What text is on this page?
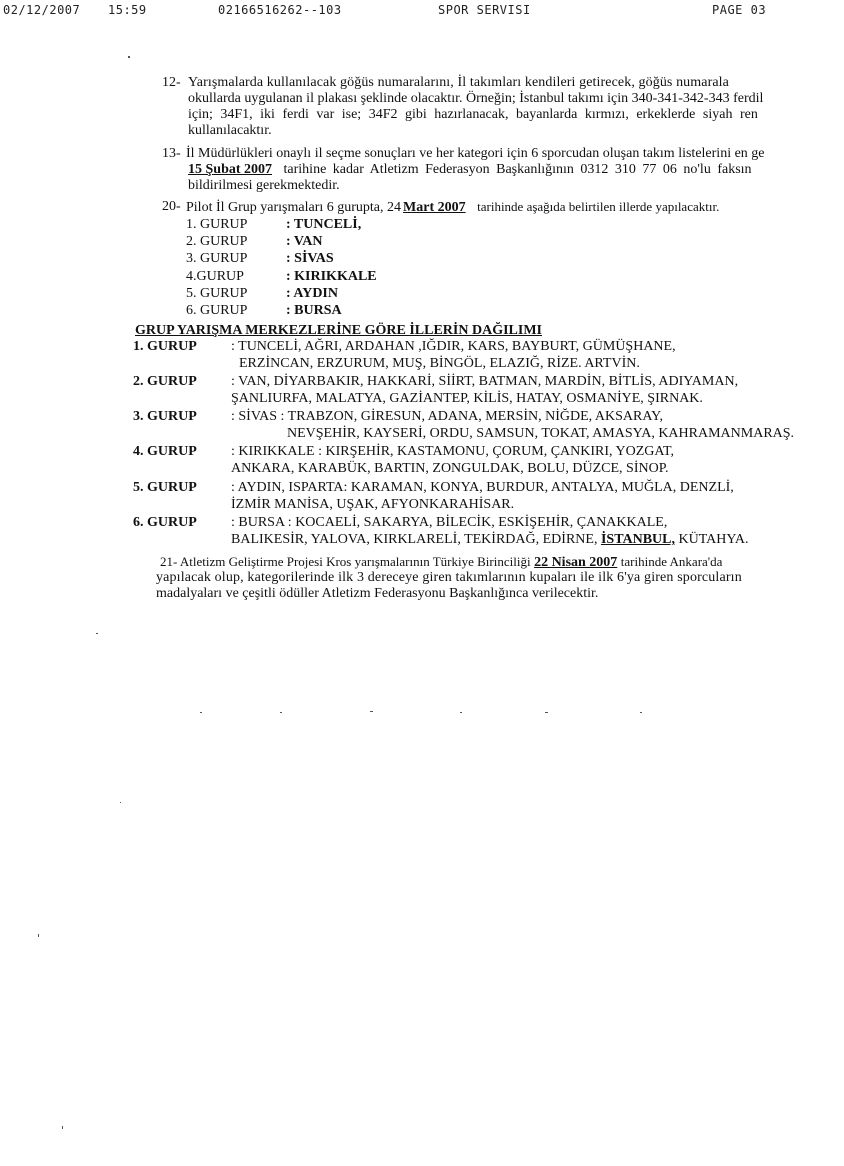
02/12/2007 15:59	02166516262--103	SPOR SERVISI	PAGE 03
12- Yarışmalarda kullanılacak göğüs numaralarını, İl takımları kendileri getirecek, göğüs numarala
okullarda uygulanan il plakası şeklinde olacaktır. Örneğin; İstanbul takımı için 340-341-342-343 ferdil
için; 34F1, iki ferdi var ise; 34F2 gibi hazırlanacak, bayanlarda kırmızı, erkeklerde siyah ren
kullanılacaktır.
13- İl Müdürlükleri onaylı il seçme sonuçları ve her kategori için 6 sporcudan oluşan takım listelerini en ge
15 Şubat 2007 tarihine kadar Atletizm Federasyon Başkanlığının 0312 310 77 06 no'lu faksın
bildirilmesi gerekmektedir.
20- Pilot İl Grup yarışmaları 6 gurupta, 24 Mart 2007 tarihinde aşağıda belirtilen illerde yapılacaktır.
1. GURUP	: TUNCELİ,
2. GURUP	: VAN
3. GURUP	: SİVAS
4.GURUP	: KIRIKKALE
5. GURUP	: AYDIN
6. GURUP	: BURSA
GRUP YARIŞMA MERKEZLERİNE GÖRE İLLERİN DAĞILIMI
1. GURUP : TUNCELİ, AĞRI, ARDAHAN ,IĞDIR, KARS, BAYBURT, GÜMÜŞHANE,
ERZİNCAN, ERZURUM, MUŞ, BİNGÖL, ELAZIĞ, RİZE. ARTVİN.
2. GURUP : VAN, DİYARBAKIR, HAKKARİ, SİİRT, BATMAN, MARDİN, BİTLİS, ADIYAMAN,
ŞANLIURFA, MALATYA, GAZİANTEP, KİLİS, HATAY, OSMANİYE, ŞIRNAK.
3. GURUP : SİVAS : TRABZON, GİRESUN, ADANA, MERSİN, NİĞDE, AKSARAY,
NEVŞEHİR, KAYSERİ, ORDU, SAMSUN, TOKAT, AMASYA, KAHRAMANMARAŞ.
4. GURUP : KIRIKKALE : KIRŞEHİR, KASTAMONU, ÇORUM, ÇANKIRI, YOZGAT,
ANKARA, KARABÜK, BARTIN, ZONGULDAK, BOLU, DÜZCE, SİNOP.
5. GURUP : AYDIN, ISPARTA: KARAMAN, KONYA, BURDUR, ANTALYA, MUĞLA, DENZLİ,
İZMİR MANİSA, UŞAK, AFYONKARAHİSAR.
6. GURUP : BURSA : KOCAELİ, SAKARYA, BİLECİK, ESKİŞEHİR, ÇANAKKALE,
BALIKESİR, YALOVA, KIRKLARELİ, TEKİRDAĞ, EDİRNE, İSTANBUL, KÜTAHYA.
21- Atletizm Geliştirme Projesi Kros yarışmalarının Türkiye Birinciliği 22 Nisan 2007 tarihinde Ankara'da
yapılacak olup, kategorilerinde ilk 3 dereceye giren takımlarının kupaları ile ilk 6'ya giren sporcuların
madalyaları ve çeşitli ödüller Atletizm Federasyonu Başkanlığınca verilecektir.
